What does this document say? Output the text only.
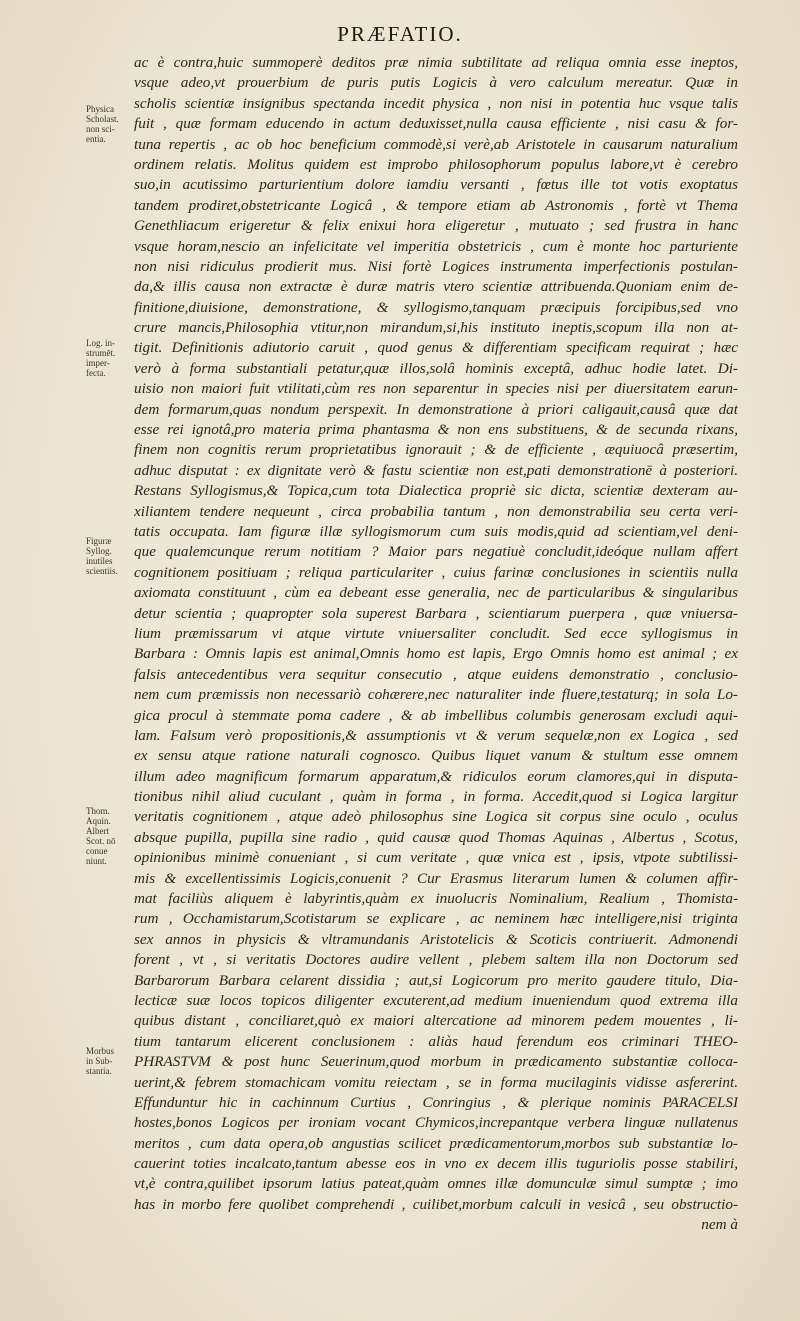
PRÆFATIO.
Physica
Scholast.
non sci-
entia.
Log. in-
strumēt.
imper-
fecta.
Figuræ
Syllog.
inutiles
scientiis.
Thom.
Aquin.
Albert
Scot. nō
conue
niunt.
Morbus
in Sub-
stantia.
ac è contra,huic summoperè deditos præ nimia subtilitate ad reliqua omnia esse ineptos,
vsque adeo,vt prouerbium de puris putis Logicis à vero calculum mereatur. Quæ in
scholis scientiæ insignibus spectanda incedit physica , non nisi in potentia huc vsque talis
fuit , quæ formam educendo in actum deduxisset,nulla causa efficiente , nisi casu & for-
tuna repertis , ac ob hoc beneficium commodè,si verè,ab Aristotele in causarum naturalium
ordinem relatis. Molitus quidem est improbo philosophorum populus labore,vt è cerebro
suo,in acutissimo parturientium dolore iamdiu versanti , fœtus ille tot votis exoptatus
tandem prodiret,obstetricante Logicâ , & tempore etiam ab Astronomis , fortè vt Thema
Genethliacum erigeretur & felix enixui hora eligeretur , mutuato ; sed frustra in hanc
vsque horam,nescio an infelicitate vel imperitia obstetricis , cum è monte hoc parturiente
non nisi ridiculus prodierit mus. Nisi fortè Logices instrumenta imperfectionis postulan-
da,& illis causa non extractæ è duræ matris vtero scientiæ attribuenda.Quoniam enim de-
finitione,diuisione, demonstratione, & syllogismo,tanquam præcipuis forcipibus,sed vno
crure mancis,Philosophia vtitur,non mirandum,si,his instituto ineptis,scopum illa non at-
tigit. Definitionis adiutorio caruit , quod genus & differentiam specificam requirat ; hæc
verò à forma substantiali petatur,quæ illos,solâ hominis exceptâ, adhuc hodie latet. Di-
uisio non maiori fuit vtilitati,cùm res non separentur in species nisi per diuersitatem earun-
dem formarum,quas nondum perspexit. In demonstratione à priori caligauit,causâ quæ dat
esse rei ignotâ,pro materia prima phantasma & non ens substituens, & de secunda rixans,
finem non cognitis rerum proprietatibus ignorauit ; & de efficiente , æquiuocâ præsertim,
adhuc disputat : ex dignitate verò & fastu scientiæ non est,pati demonstrationē à posteriori.
Restans Syllogismus,& Topica,cum tota Dialectica propriè sic dicta, scientiæ dexteram au-
xiliantem tendere nequeunt , circa probabilia tantum , non demonstrabilia seu certa veri-
tatis occupata. Iam figuræ illæ syllogismorum cum suis modis,quid ad scientiam,vel deni-
que qualemcunque rerum notitiam ? Maior pars negatiuè concludit,ideóque nullam affert
cognitionem positiuam ; reliqua particulariter , cuius farinæ conclusiones in scientiis nulla
axiomata constituunt , cùm ea debeant esse generalia, nec de particularibus & singularibus
detur scientia ; quapropter sola superest Barbara , scientiarum puerpera , quæ vniuersa-
lium præmissarum vi atque virtute vniuersaliter concludit. Sed ecce syllogismus in
Barbara : Omnis lapis est animal,Omnis homo est lapis, Ergo Omnis homo est animal ; ex
falsis antecedentibus vera sequitur consecutio , atque euidens demonstratio , conclusio-
nem cum præmissis non necessariò cohærere,nec naturaliter inde fluere,testaturq; in sola Lo-
gica procul à stemmate poma cadere , & ab imbellibus columbis generosam excludi aqui-
lam. Falsum verò propositionis,& assumptionis vt & verum sequelæ,non ex Logica , sed
ex sensu atque ratione naturali cognosco. Quibus liquet vanum & stultum esse omnem
illum adeo magnificum formarum apparatum,& ridiculos eorum clamores,qui in disputa-
tionibus nihil aliud cuculant , quàm in forma , in forma. Accedit,quod si Logica largitur
veritatis cognitionem , atque adeò philosophus sine Logica sit corpus sine oculo , oculus
absque pupilla, pupilla sine radio , quid causæ quod Thomas Aquinas , Albertus , Scotus,
opinionibus minimè conueniant , si cum veritate , quæ vnica est , ipsis, vtpote subtilissi-
mis & excellentissimis Logicis,conuenit ? Cur Erasmus literarum lumen & columen affir-
mat faciliùs aliquem è labyrintis,quàm ex inuolucris Nominalium, Realium , Thomista-
rum , Occhamistarum,Scotistarum se explicare , ac neminem hæc intelligere,nisi triginta
sex annos in physicis & vltramundanis Aristotelicis & Scoticis contriuerit. Admonendi
forent , vt , si veritatis Doctores audire vellent , plebem saltem illa non Doctorum sed
Barbarorum Barbara celarent dissidia ; aut,si Logicorum pro merito gaudere titulo, Dia-
lecticæ suæ locos topicos diligenter excuterent,ad medium inueniendum quod extrema illa
quibus distant , conciliaret,quò ex maiori altercatione ad minorem pedem mouentes , li-
tium tantarum elicerent conclusionem : aliàs haud ferendum eos criminari THEO-
PHRASTVM & post hunc Seuerinum,quod morbum in prædicamento substantiæ colloca-
uerint,& febrem stomachicam vomitu reiectam , se in forma mucilaginis vidisse asfererint.
Effunduntur hic in cachinnum Curtius , Conringius , & plerique nominis PARACELSI
hostes,bonos Logicos per ironiam vocant Chymicos,increpantque verbera linguæ nullatenus
meritos , cum data opera,ob angustias scilicet prædicamentorum,morbos sub substantiæ lo-
cauerint toties incalcato,tantum abesse eos in vno ex decem illis tuguriolis posse stabiliri,
vt,è contra,quilibet ipsorum latius pateat,quàm omnes illæ domunculæ simul sumptæ ; imo
has in morbo fere quolibet comprehendi , cuilibet,morbum calculi in vesicâ , seu obstructio-
nem à
